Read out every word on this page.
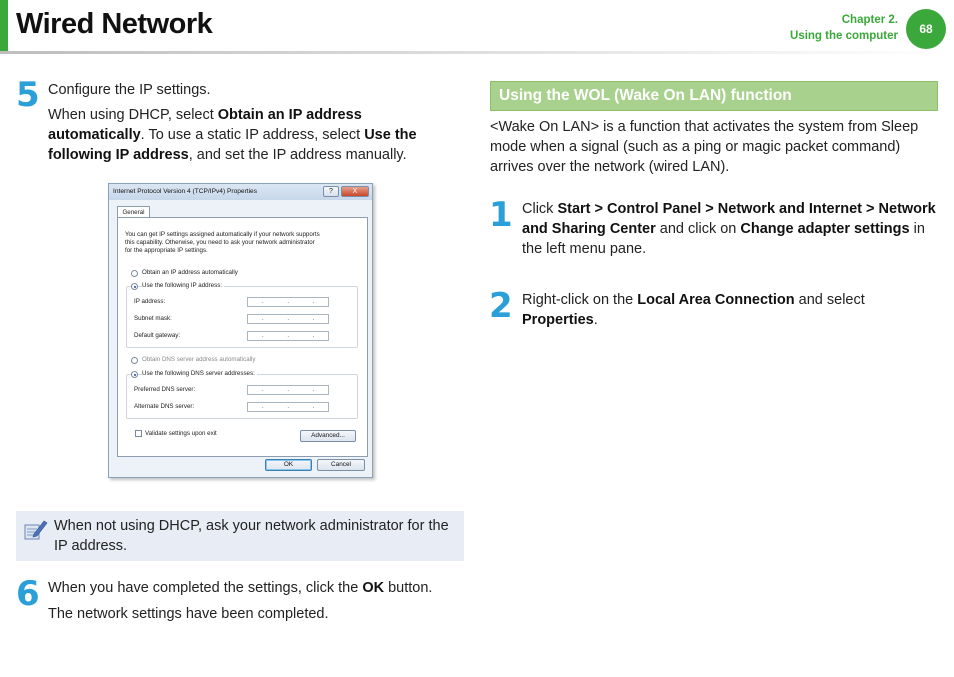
Wired Network	Chapter 2.
Using the computer	68
5 Configure the IP settings.
When using DHCP, select Obtain an IP address automatically. To use a static IP address, select Use the following IP address, and set the IP address manually.
Internet Protocol Version 4 (TCP/IPv4) Properties	?	X
General
You can get IP settings assigned automatically if your network supports
this capability. Otherwise, you need to ask your network administrator
for the appropriate IP settings.
Obtain an IP address automatically
Use the following IP address:
IP address:	. . .
Subnet mask:	. . .
Default gateway:	. . .
Obtain DNS server address automatically
Use the following DNS server addresses:
Preferred DNS server:	. . .
Alternate DNS server:	. . .
Validate settings upon exit	Advanced...
OK	Cancel
When not using DHCP, ask your network administrator for the IP address.
6 When you have completed the settings, click the OK button.
The network settings have been completed.
Using the WOL (Wake On LAN) function
<Wake On LAN> is a function that activates the system from Sleep mode when a signal (such as a ping or magic packet command) arrives over the network (wired LAN).
1 Click Start > Control Panel > Network and Internet > Network and Sharing Center and click on Change adapter settings in the left menu pane.
2 Right-click on the Local Area Connection and select Properties.
